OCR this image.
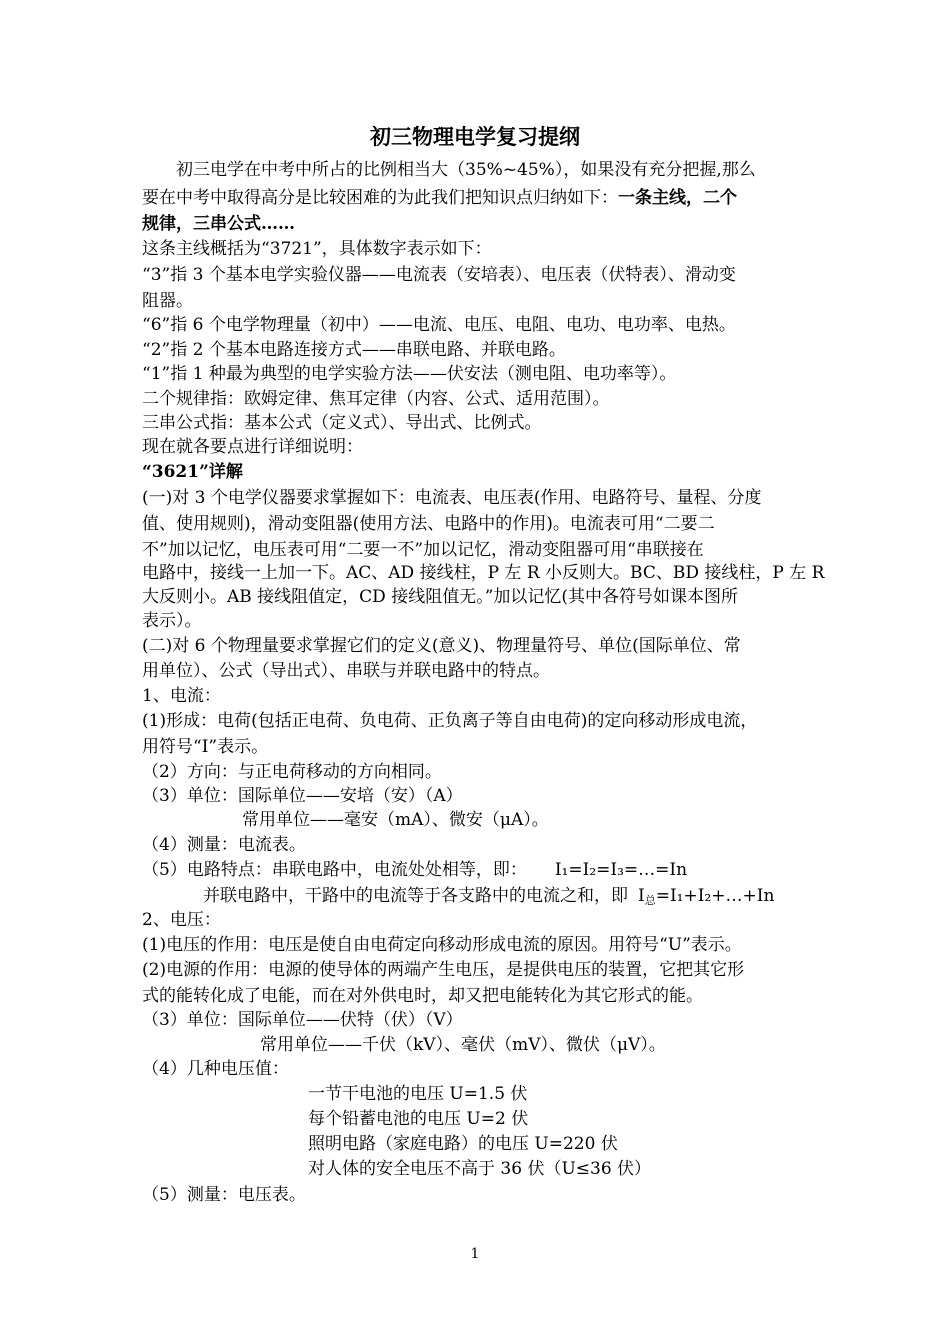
初三物理电学复习提纲
初三电学在中考中所占的比例相当大（35%~45%），如果没有充分把握,那么
要在中考中取得高分是比较困难的为此我们把知识点归纳如下：一条主线，二个
规律，三串公式……
这条主线概括为“3721”，具体数字表示如下：
“3”指 3 个基本电学实验仪器——电流表（安培表）、电压表（伏特表）、滑动变
阻器。
“6”指 6 个电学物理量（初中）——电流、电压、电阻、电功、电功率、电热。
“2”指 2 个基本电路连接方式——串联电路、并联电路。
“1”指 1 种最为典型的电学实验方法——伏安法（测电阻、电功率等）。
二个规律指：欧姆定律、焦耳定律（内容、公式、适用范围）。
三串公式指：基本公式（定义式）、导出式、比例式。
现在就各要点进行详细说明：
“3621”详解
(一)对 3 个电学仪器要求掌握如下：电流表、电压表(作用、电路符号、量程、分度
值、使用规则)，滑动变阻器(使用方法、电路中的作用)。电流表可用“二要二
不”加以记忆，电压表可用“二要一不”加以记忆，滑动变阻器可用“串联接在
电路中，接线一上加一下。AC、AD 接线柱，P 左 R 小反则大。BC、BD 接线柱，P 左 R
大反则小。AB 接线阻值定，CD 接线阻值无。”加以记忆(其中各符号如课本图所
表示）。
(二)对 6 个物理量要求掌握它们的定义(意义)、物理量符号、单位(国际单位、常
用单位）、公式（导出式）、串联与并联电路中的特点。
1、电流：
(1)形成：电荷(包括正电荷、负电荷、正负离子等自由电荷)的定向移动形成电流，
用符号“I”表示。
（2）方向：与正电荷移动的方向相同。
（3）单位：国际单位——安培（安）（A）
常用单位——毫安（mA）、微安（μA）。
（4）测量：电流表。
（5）电路特点：串联电路中，电流处处相等，即： I₁=I₂=I₃=…=In
并联电路中，干路中的电流等于各支路中的电流之和，即 $I_总=I_1+I_2+\dots+In$
2、电压：
(1)电压的作用：电压是使自由电荷定向移动形成电流的原因。用符号“U”表示。
(2)电源的作用：电源的使导体的两端产生电压，是提供电压的装置，它把其它形
式的能转化成了电能，而在对外供电时，却又把电能转化为其它形式的能。
（3）单位：国际单位——伏特（伏）（V）
常用单位——千伏（kV）、毫伏（mV）、微伏（μV）。
（4）几种电压值：
一节干电池的电压 U=1.5 伏
每个铅蓄电池的电压 U=2 伏
照明电路（家庭电路）的电压 U=220 伏
对人体的安全电压不高于 36 伏（U≤36 伏）
（5）测量：电压表。
1
